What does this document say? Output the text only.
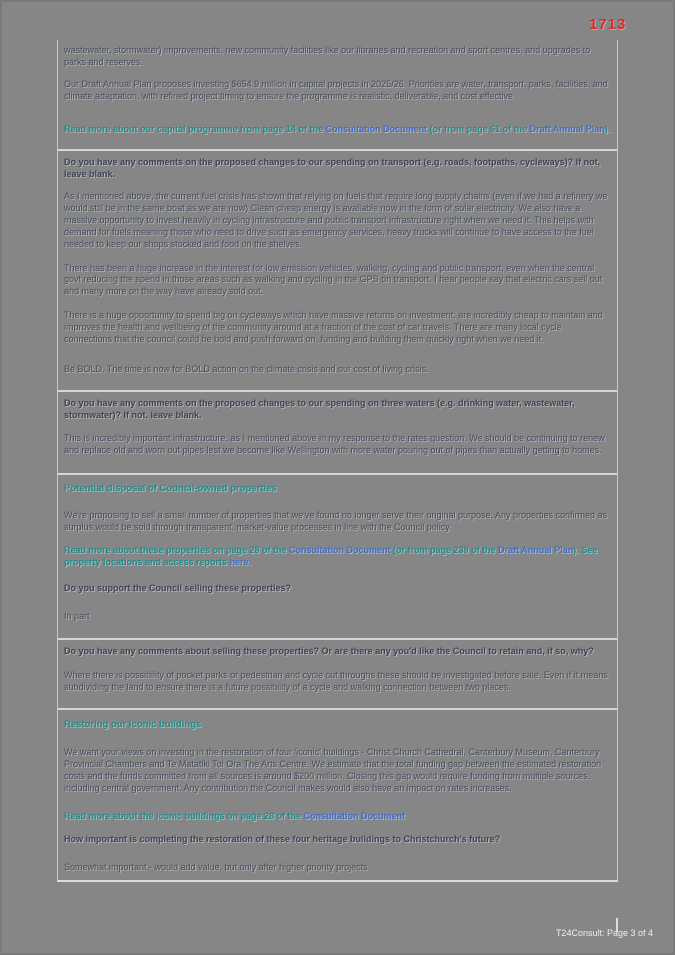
1713
wastewater, stormwater) improvements, new community facilities like our libraries and recreation and sport centres, and upgrades to parks and reserves.
Our Draft Annual Plan proposes investing $654.9 million in capital projects in 2025/26. Priorities are water, transport, parks, facilities, and climate adaptation, with refined project timing to ensure the programme is realistic, deliverable, and cost effective
Read more about our capital programme from page 14 of the Consultation Document (or from page 61 of the Draft Annual Plan).
Do you have any comments on the proposed changes to our spending on transport (e.g. roads, footpaths, cycleways)? If not, leave blank.
As I mentioned above, the current fuel crisis has shown that relying on fuels that require long supply chains (even if we had a refinery we would still be in the same boat as we are now) Clean cheap energy is available now in the form of solar electricity. We also have a massive opportunity to invest heavily in cycling infrastructure and public transport infrastructure right when we need it. This helps with demand for fuels meaning those who need to drive such as emergency services, heavy trucks will continue to have access to the fuel needed to keep our shops stocked and food on the shelves.
There has been a huge increase in the interest for low emission vehicles, walking, cycling and public transport, even when the central govt reducing the spend in those areas such as walking and cycling in the GPS on transport. I hear people say that electric cars sell out and many more on the way have already sold out.
There is a huge opportunity to spend big on cycleways which have massive returns on investment, are incredibly cheap to maintain and improves the health and wellbeing of the community around at a fraction of the cost of car travels. There are many local cycle connections that the council could be bold and push forward on, funding and building them quickly right when we need it.
Be BOLD. The time is now for BOLD action on the climate crisis and our cost of living crisis.
Do you have any comments on the proposed changes to our spending on three waters (e.g. drinking water, wastewater, stormwater)? If not, leave blank.
This is incredibly important infrastructure, as I mentioned above in my response to the rates question. We should be continuing to renew and replace old and worn out pipes lest we become like Wellington with more water pouring out of pipes than actually getting to homes.
Potential disposal of Council-owned properties
We're proposing to sell a small number of properties that we've found no longer serve their original purpose. Any properties confirmed as surplus would be sold through transparent, market-value processes in line with the Council policy.
Read more about these properties on page 28 of the Consultation Document (or from page 239 of the Draft Annual Plan). See property locations and access reports here.
Do you support the Council selling these properties?
In part
Do you have any comments about selling these properties? Or are there any you'd like the Council to retain and, if so, why?
Where there is possibility of pocket parks or pedestrian and cycle cut throughs these should be investigated before sale. Even if it means subdividing the land to ensure there is a future possibility of a cycle and walking connection between two places.
Restoring our iconic buildings
We want your views on investing in the restoration of four 'iconic' buildings - Christ Church Cathedral, Canterbury Museum, Canterbury Provincial Chambers and Te Matatiki Toi Ora The Arts Centre. We estimate that the total funding gap between the estimated restoration costs and the funds committed from all sources is around $200 million. Closing this gap would require funding from multiple sources, including central government. Any contribution the Council makes would also have an impact on rates increases.
Read more about the iconic buildings on page 28 of the Consultation Document
How important is completing the restoration of these four heritage buildings to Christchurch's future?
Somewhat important - would add value, but only after higher priority projects
T24Consult: Page 3 of 4
